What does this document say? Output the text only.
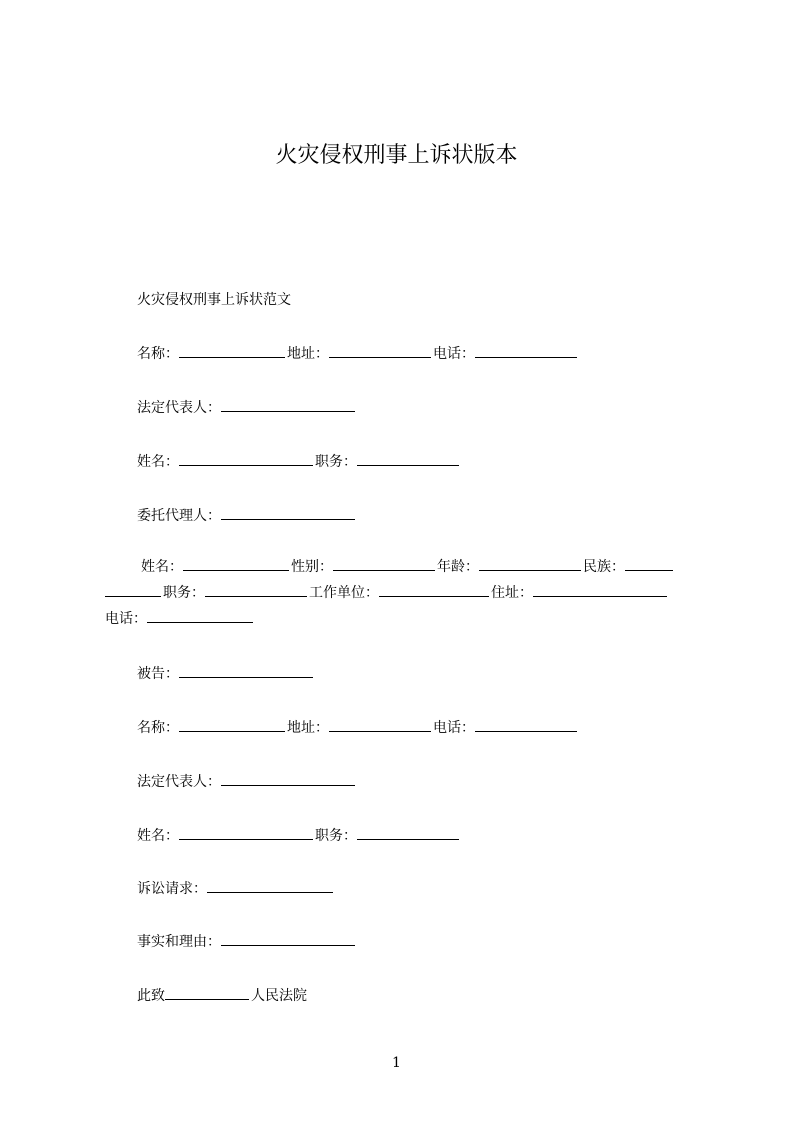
火灾侵权刑事上诉状版本
火灾侵权刑事上诉状范文
名称：	地址：	电话：
法定代表人：
姓名：	职务：
委托代理人：
姓名：	性别：	年龄：	民族：
职务：	工作单位：	住址：
电话：
被告：
名称：	地址：	电话：
法定代表人：
姓名：	职务：
诉讼请求：
事实和理由：
此致	人民法院
1
